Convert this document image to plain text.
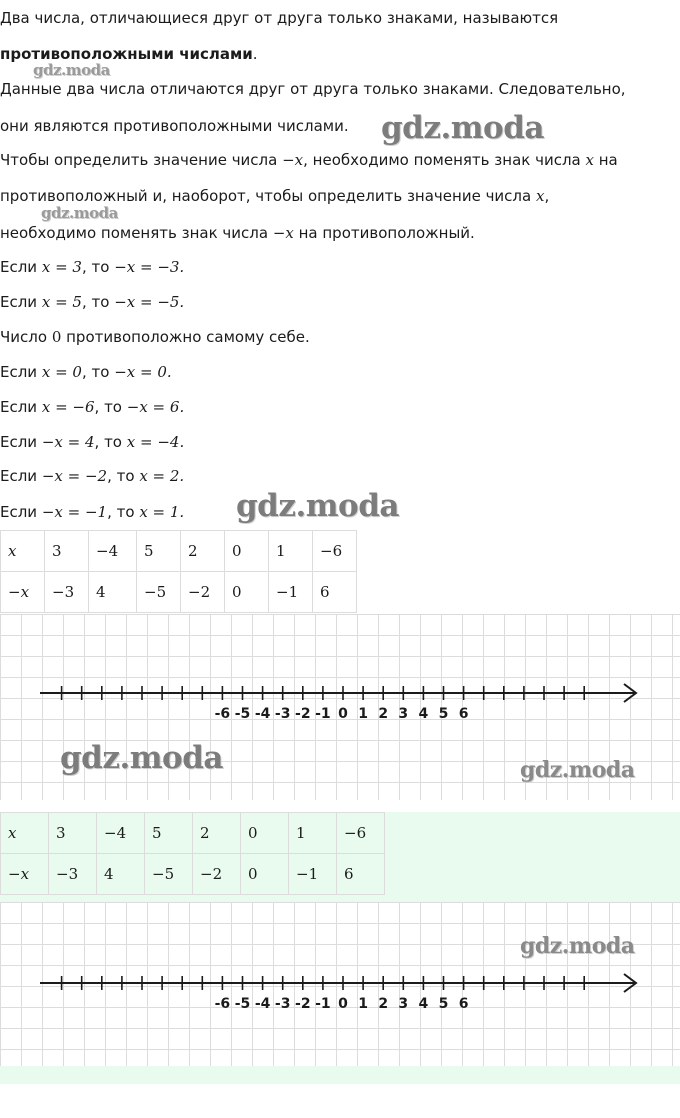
Два числа, отличающиеся друг от друга только знаками, называются
противоположными числами.
gdz.moda
Данные два числа отличаются друг от друга только знаками. Следовательно,
они являются противоположными числами. gdz.moda
Чтобы определить значение числа −x, необходимо поменять знак числа x на
противоположный и, наоборот, чтобы определить значение числа x,
gdz.moda
необходимо поменять знак числа −x на противоположный.
Если x = 3, то −x = −3.
Если x = 5, то −x = −5.
Число 0 противоположно самому себе.
Если x = 0, то −x = 0.
Если x = −6, то −x = 6.
Если −x = 4, то x = −4.
Если −x = −2, то x = 2.
Если −x = −1, то x = 1. gdz.moda
x	3	−4	5	2	0	1	−6
−x	−3	4	−5	−2	0	−1	6
-6 -5 -4 -3 -2 -1 0 1 2 3 4 5 6
gdz.moda	gdz.moda
x	3	−4	5	2	0	1	−6
−x	−3	4	−5	−2	0	−1	6
-6 -5 -4 -3 -2 -1 0 1 2 3 4 5 6
gdz.moda
